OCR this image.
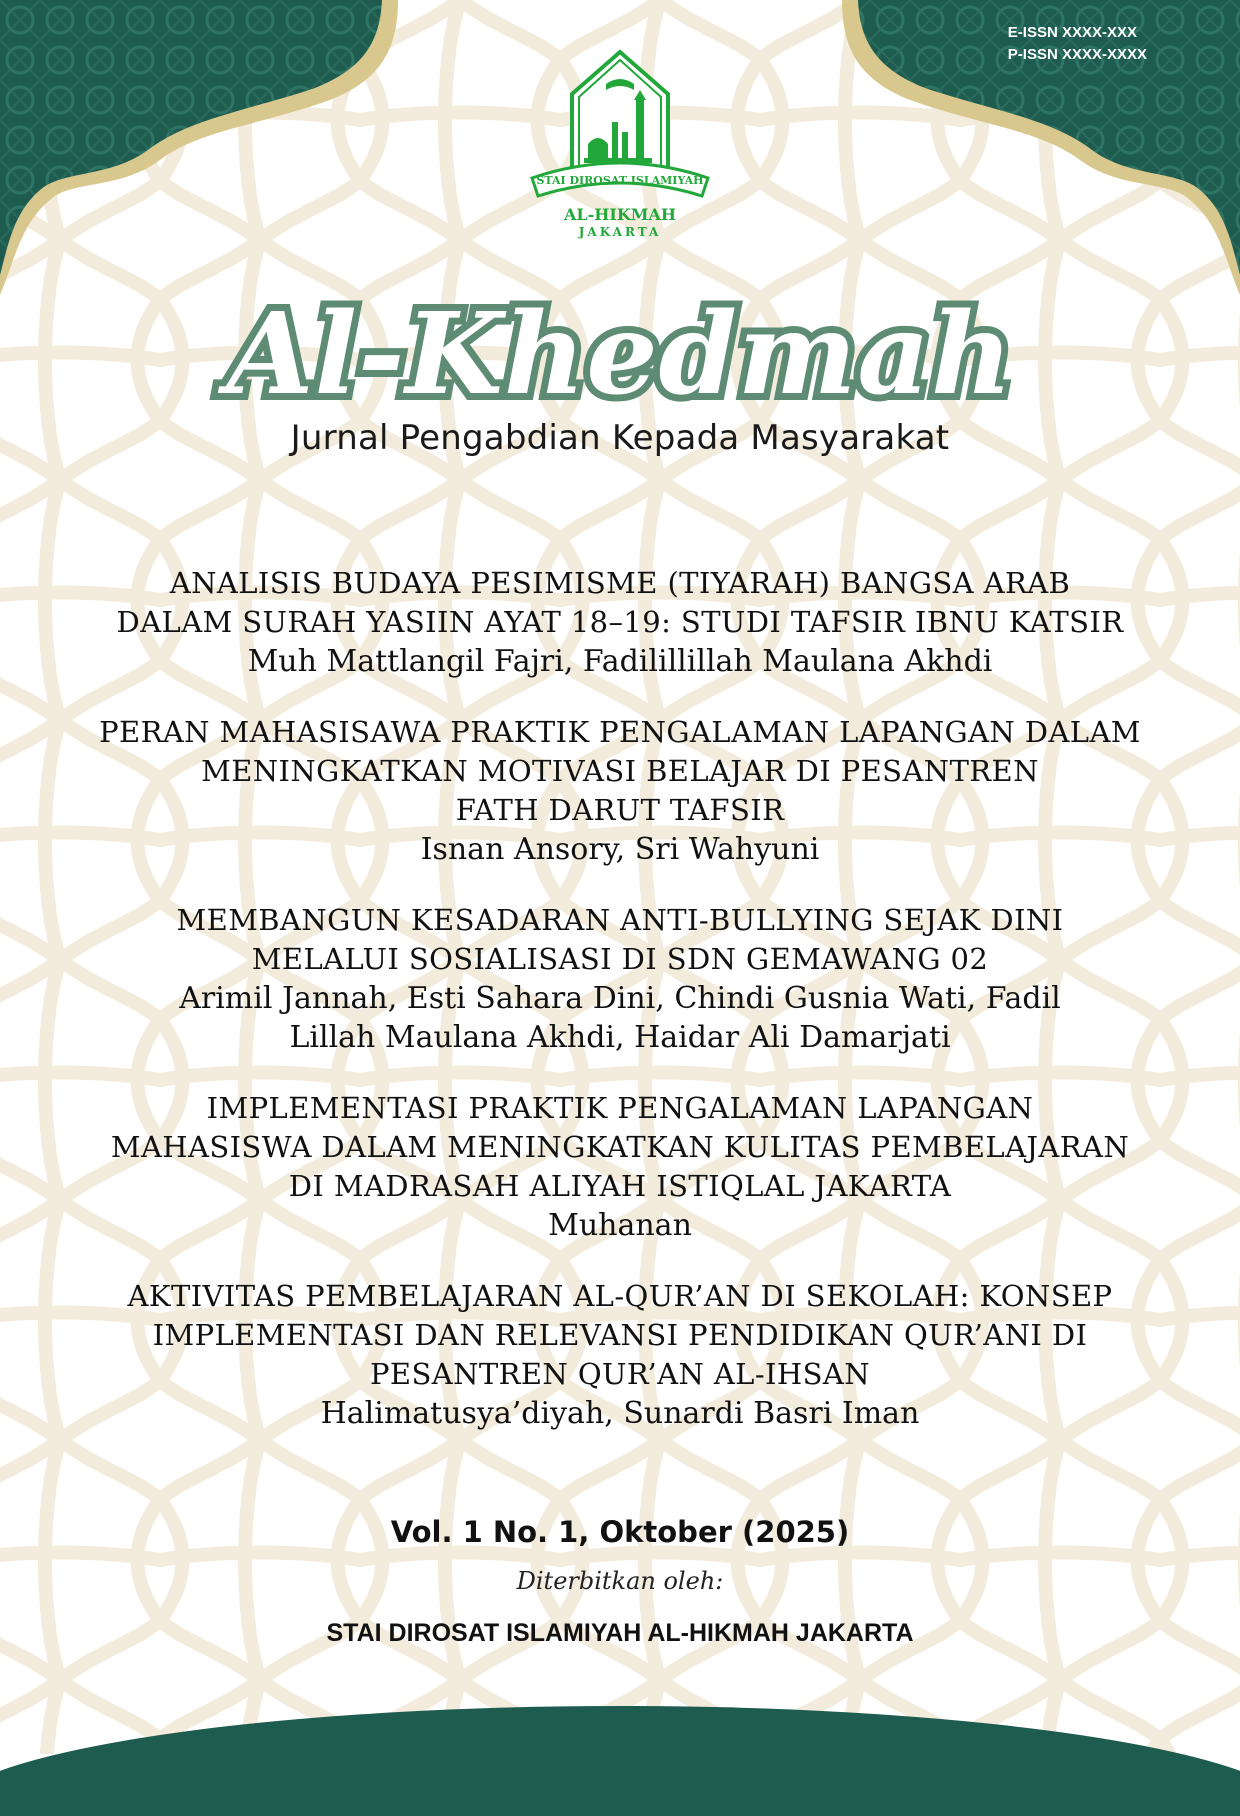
E-ISSN XXXX-XXX
P-ISSN XXXX-XXXX
STAI DIROSAT ISLAMIYAH
AL-HIKMAH
JAKARTA
Al-Khedmah
Jurnal Pengabdian Kepada Masyarakat
ANALISIS BUDAYA PESIMISME (TIYARAH) BANGSA ARAB
DALAM SURAH YASIIN AYAT 18–19: STUDI TAFSIR IBNU KATSIR
Muh Mattlangil Fajri, Fadilillillah Maulana Akhdi
PERAN MAHASISAWA PRAKTIK PENGALAMAN LAPANGAN DALAM
MENINGKATKAN MOTIVASI BELAJAR DI PESANTREN
FATH DARUT TAFSIR
Isnan Ansory, Sri Wahyuni
MEMBANGUN KESADARAN ANTI-BULLYING SEJAK DINI
MELALUI SOSIALISASI DI SDN GEMAWANG 02
Arimil Jannah, Esti Sahara Dini, Chindi Gusnia Wati, Fadil
Lillah Maulana Akhdi, Haidar Ali Damarjati
IMPLEMENTASI PRAKTIK PENGALAMAN LAPANGAN
MAHASISWA DALAM MENINGKATKAN KULITAS PEMBELAJARAN
DI MADRASAH ALIYAH ISTIQLAL JAKARTA
Muhanan
AKTIVITAS PEMBELAJARAN AL-QUR’AN DI SEKOLAH: KONSEP
IMPLEMENTASI DAN RELEVANSI PENDIDIKAN QUR’ANI DI
PESANTREN QUR’AN AL-IHSAN
Halimatusya’diyah, Sunardi Basri Iman
Vol. 1 No. 1, Oktober (2025)
Diterbitkan oleh:
STAI DIROSAT ISLAMIYAH AL-HIKMAH JAKARTA
